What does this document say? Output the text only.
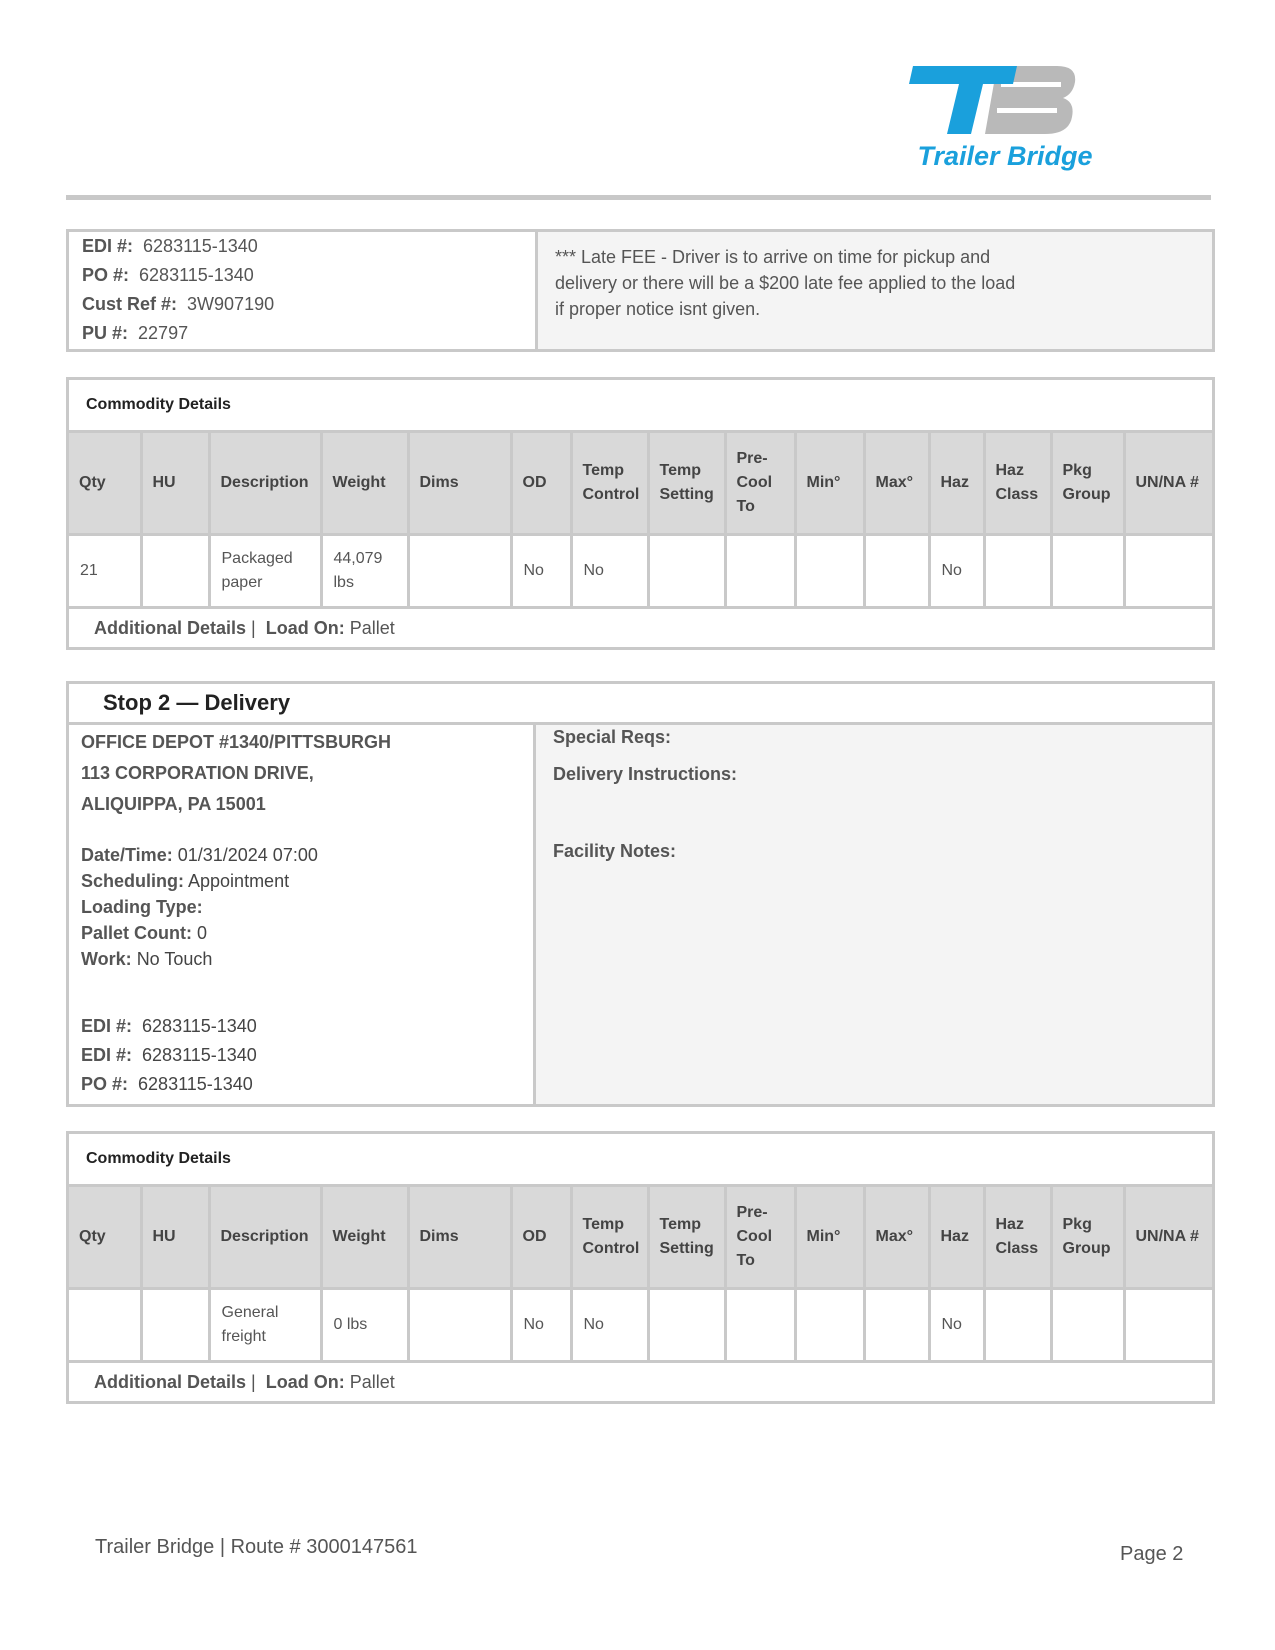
Trailer Bridge
EDI #: 6283115-1340
PO #: 6283115-1340
Cust Ref #: 3W907190
PU #: 22797
*** Late FEE - Driver is to arrive on time for pickup and
delivery or there will be a $200 late fee applied to the load
if proper notice isnt given.
Commodity Details
Qty	HU	Description	Weight	Dims	OD	Temp Control	Temp Setting	Pre-Cool To	Min°	Max°	Haz	Haz Class	Pkg Group	UN/NA #
21		Packaged paper	44,079 lbs		No	No					No			
Additional Details | Load On: Pallet
Stop 2 — Delivery
OFFICE DEPOT #1340/PITTSBURGH
113 CORPORATION DRIVE,
ALIQUIPPA, PA 15001
Date/Time: 01/31/2024 07:00
Scheduling: Appointment
Loading Type:
Pallet Count: 0
Work: No Touch
EDI #: 6283115-1340
EDI #: 6283115-1340
PO #: 6283115-1340
Special Reqs:
Delivery Instructions:
Facility Notes:
Commodity Details
Qty	HU	Description	Weight	Dims	OD	Temp Control	Temp Setting	Pre-Cool To	Min°	Max°	Haz	Haz Class	Pkg Group	UN/NA #
		General freight	0 lbs		No	No					No			
Additional Details | Load On: Pallet
Trailer Bridge | Route # 3000147561	Page 2
